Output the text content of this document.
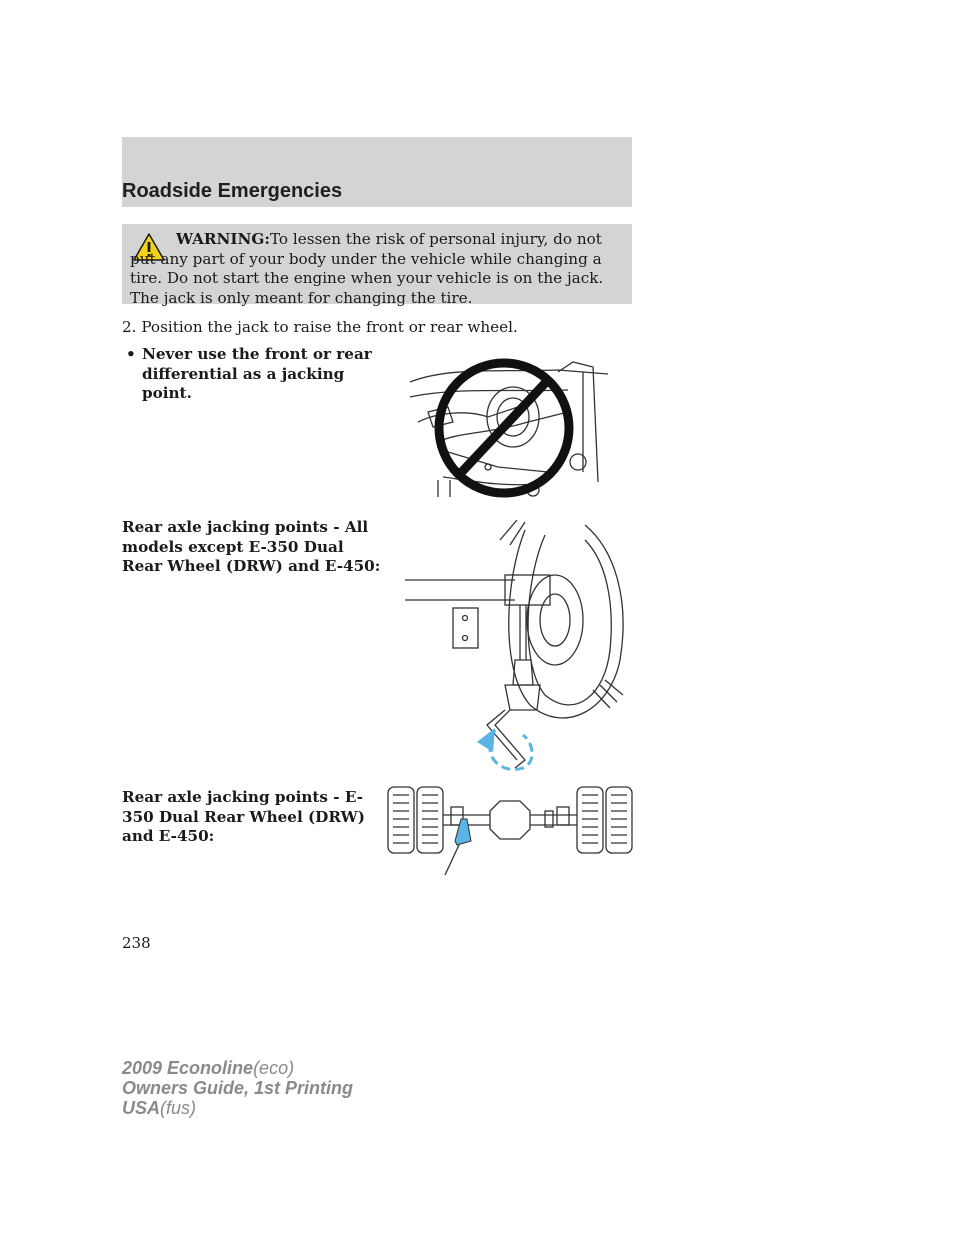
Roadside Emergencies

WARNING:To lessen the risk of personal injury, do not put any part of your body under the vehicle while changing a tire. Do not start the engine when your vehicle is on the jack. The jack is only meant for changing the tire.

2. Position the jack to raise the front or rear wheel.

• Never use the front or rear differential as a jacking point.
Rear axle jacking points - All models except E-350 Dual Rear Wheel (DRW) and E-450:
Rear axle jacking points - E-350 Dual Rear Wheel (DRW) and E-450:
238
2009 Econoline(eco)
Owners Guide, 1st Printing
USA(fus)
